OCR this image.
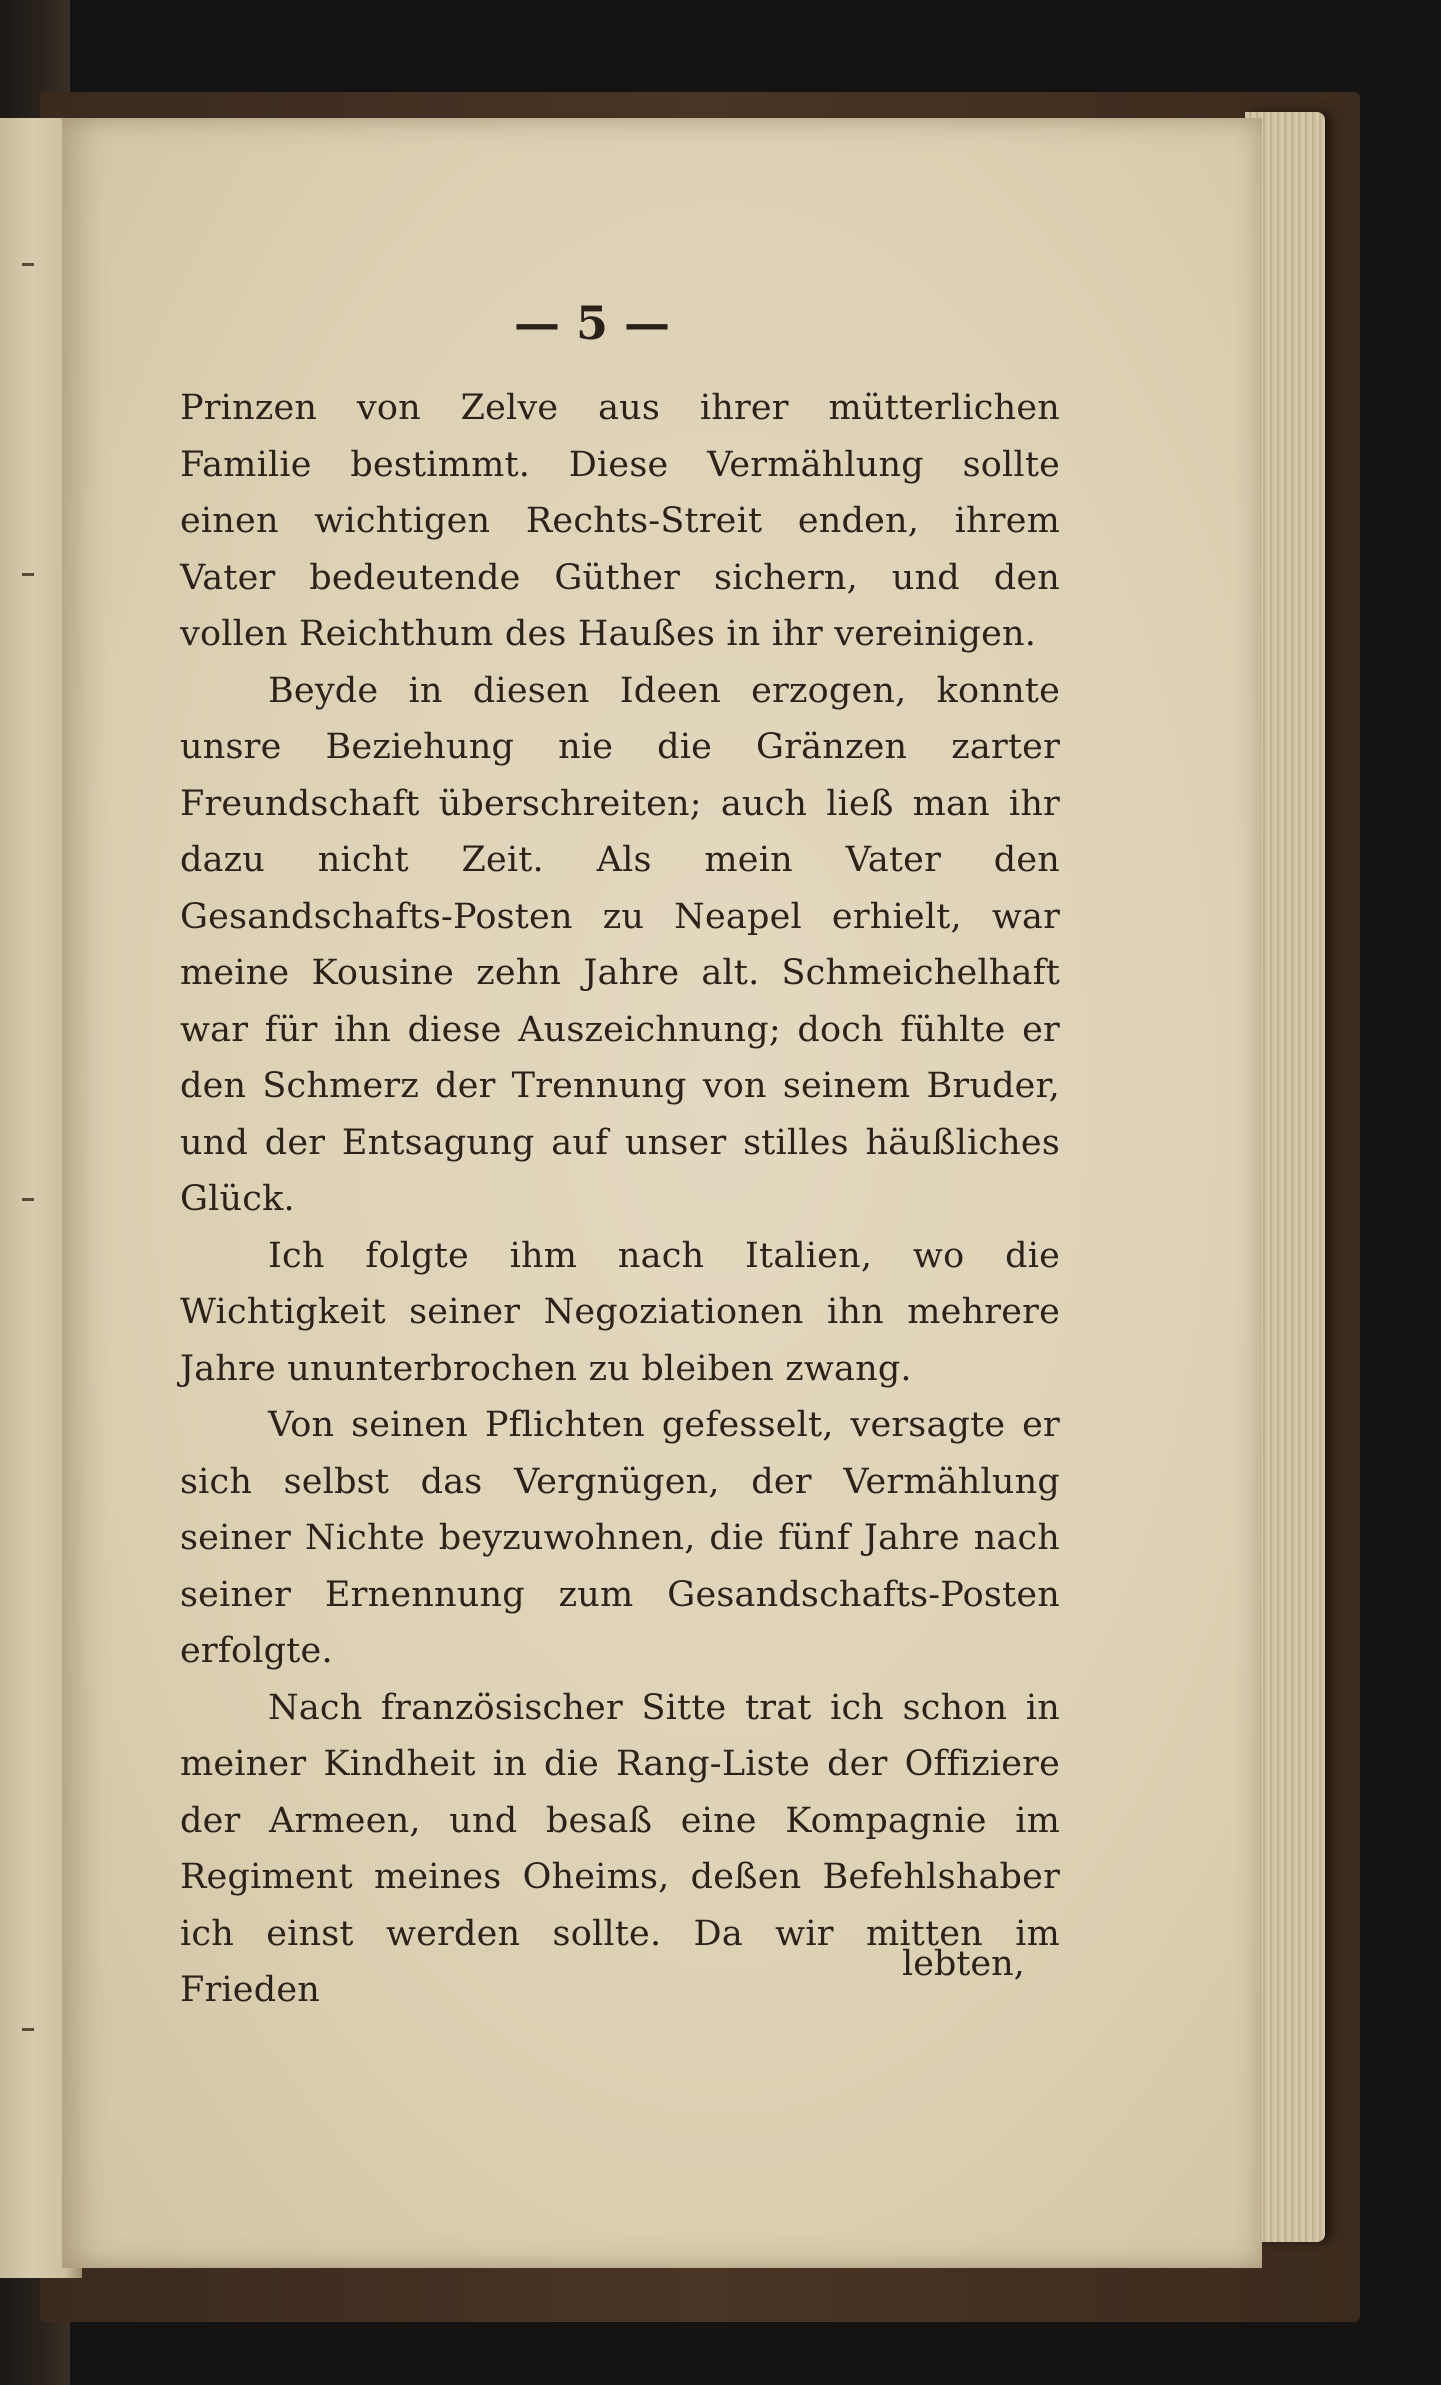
— 5 —

Prinzen von Zelve aus ihrer mütterlichen Familie bestimmt. Diese Vermählung sollte einen wichtigen Rechts-Streit enden, ihrem Vater bedeutende Güther sichern, und den vollen Reichthum des Haußes in ihr vereinigen.

Beyde in diesen Ideen erzogen, konnte unsre Beziehung nie die Gränzen zarter Freundschaft überschreiten; auch ließ man ihr dazu nicht Zeit. Als mein Vater den Gesandschafts-Posten zu Neapel erhielt, war meine Kousine zehn Jahre alt. Schmeichelhaft war für ihn diese Auszeichnung; doch fühlte er den Schmerz der Trennung von seinem Bruder, und der Entsagung auf unser stilles häußliches Glück.

Ich folgte ihm nach Italien, wo die Wichtigkeit seiner Negoziationen ihn mehrere Jahre ununterbrochen zu bleiben zwang.

Von seinen Pflichten gefesselt, versagte er sich selbst das Vergnügen, der Vermählung seiner Nichte beyzuwohnen, die fünf Jahre nach seiner Ernennung zum Gesandschafts-Posten erfolgte.

Nach französischer Sitte trat ich schon in meiner Kindheit in die Rang-Liste der Offiziere der Armeen, und besaß eine Kompagnie im Regiment meines Oheims, deßen Befehlshaber ich einst werden sollte. Da wir mitten im Frieden

lebten,
